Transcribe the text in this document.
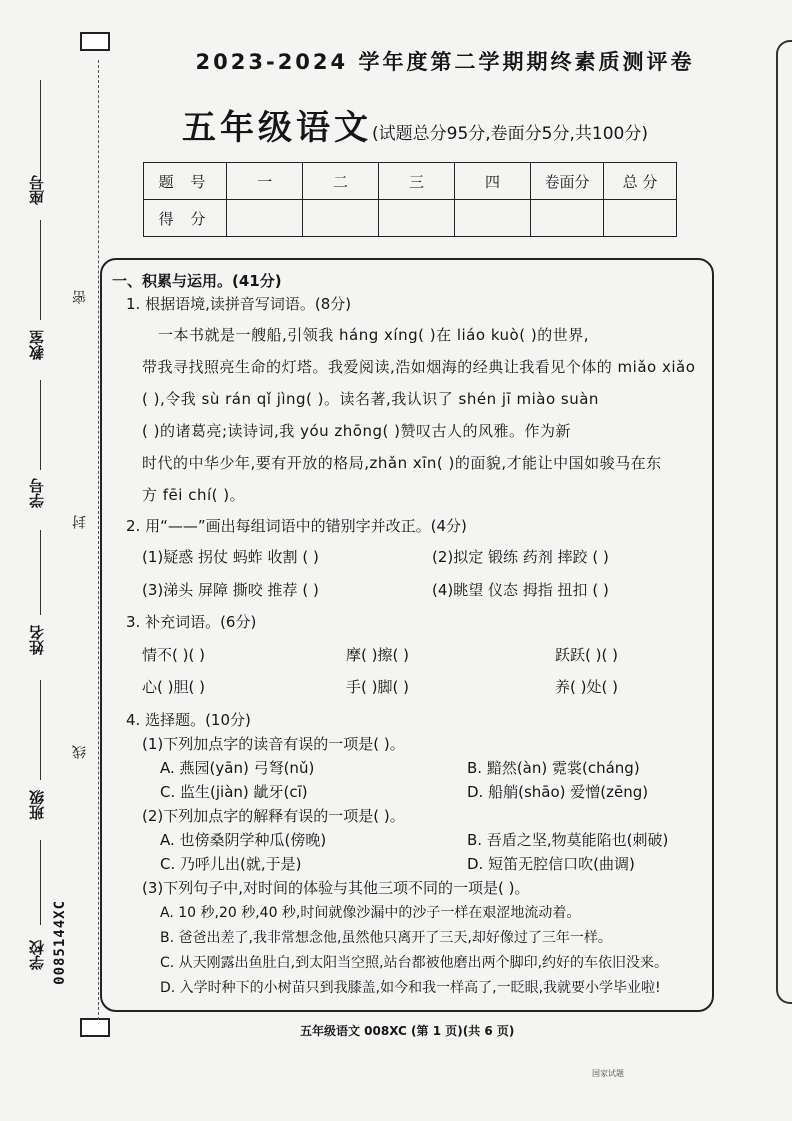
座号
教室
学号
姓名
班级
学校 0085144XC
密
封
线
2023-2024 学年度第二学期期终素质测评卷
五年级语文(试题总分95分,卷面分5分,共100分)
题 号	一	二	三	四	卷面分	总 分
得 分						
一、积累与运用。(41分)
1. 根据语境,读拼音写词语。(8分)
一本书就是一艘船,引领我 háng xíng( )在 liáo kuò( )的世界,
带我寻找照亮生命的灯塔。我爱阅读,浩如烟海的经典让我看见个体的 miǎo xiǎo
( ),令我 sù rán qǐ jìng( )。读名著,我认识了 shén jī miào suàn
( )的诸葛亮;读诗词,我 yóu zhōng( )赞叹古人的风雅。作为新
时代的中华少年,要有开放的格局,zhǎn xīn( )的面貌,才能让中国如骏马在东
方 fēi chí( )。
2. 用“——”画出每组词语中的错别字并改正。(4分)
(1)疑惑 拐仗 蚂蚱 收割 ( )	(2)拟定 锻练 药剂 摔跤 ( )
(3)涕头 屏障 撕咬 推荐 ( )	(4)眺望 仪态 拇指 扭扣 ( )
3. 补充词语。(6分)
情不( )( )	摩( )擦( )	跃跃( )( )
心( )胆( )	手( )脚( )	养( )处( )
4. 选择题。(10分)
(1)下列加点字的读音有误的一项是( )。
A. 燕园(yān) 弓弩(nǔ)	B. 黯然(àn) 霓裳(cháng)
C. 监生(jiàn) 龇牙(cī)	D. 船艄(shāo) 爱憎(zēng)
(2)下列加点字的解释有误的一项是( )。
A. 也傍桑阴学种瓜(傍晚)	B. 吾盾之坚,物莫能陷也(刺破)
C. 乃呼儿出(就,于是)	D. 短笛无腔信口吹(曲调)
(3)下列句子中,对时间的体验与其他三项不同的一项是( )。
A. 10 秒,20 秒,40 秒,时间就像沙漏中的沙子一样在艰涩地流动着。
B. 爸爸出差了,我非常想念他,虽然他只离开了三天,却好像过了三年一样。
C. 从天刚露出鱼肚白,到太阳当空照,站台都被他磨出两个脚印,约好的车依旧没来。
D. 入学时种下的小树苗只到我膝盖,如今和我一样高了,一眨眼,我就要小学毕业啦!
五年级语文 008XC (第 1 页)(共 6 页)
国家试题
